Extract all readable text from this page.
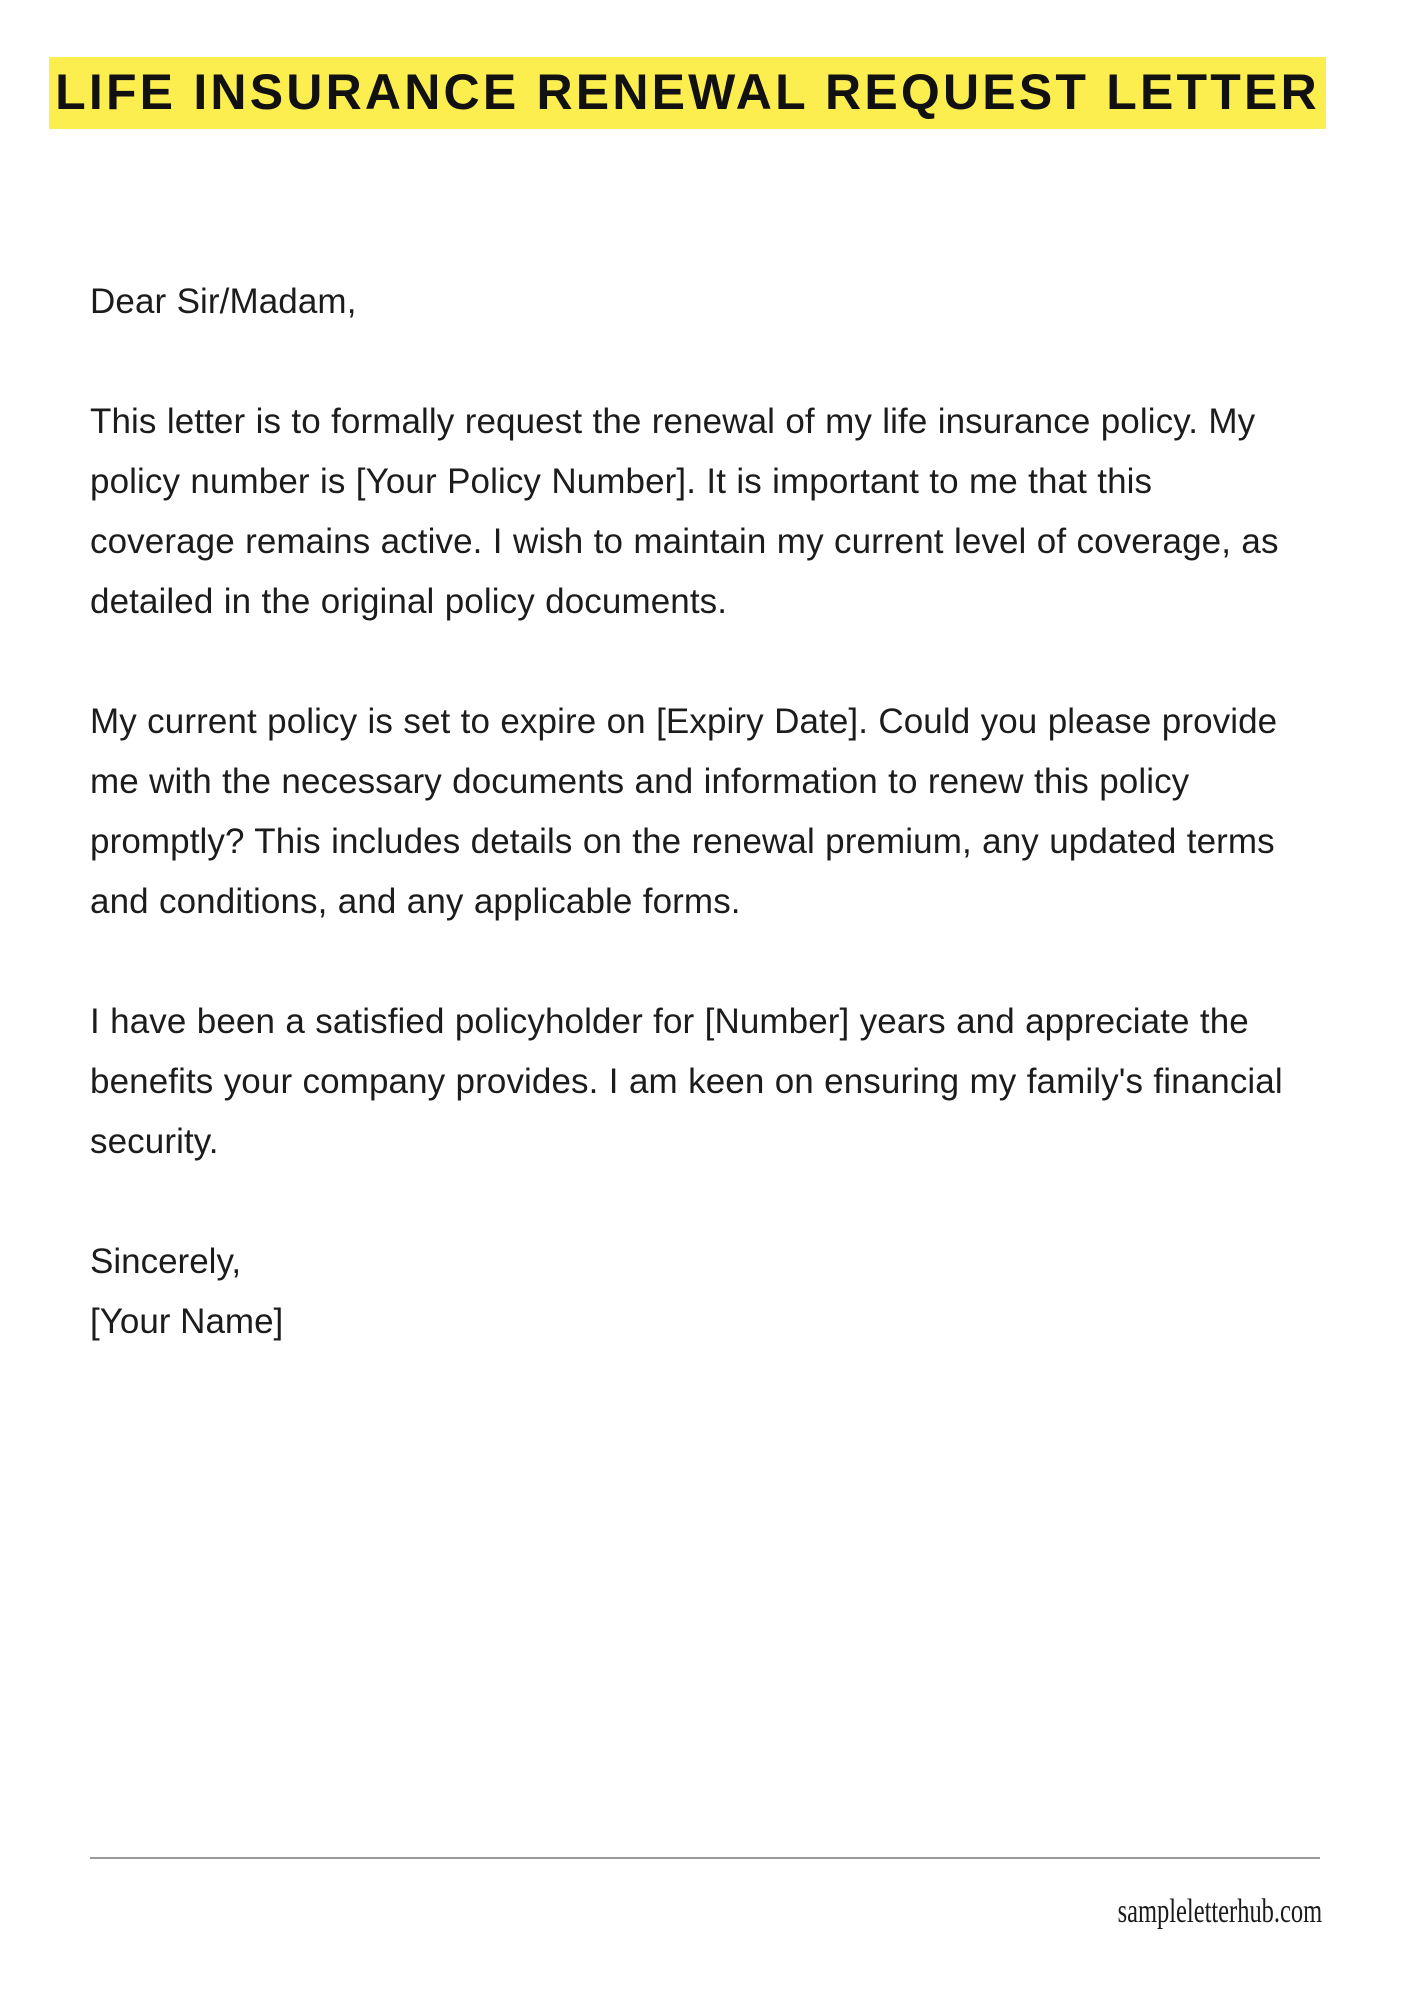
LIFE INSURANCE RENEWAL REQUEST LETTER

Dear Sir/Madam,

This letter is to formally request the renewal of my life insurance policy. My policy number is [Your Policy Number]. It is important to me that this coverage remains active. I wish to maintain my current level of coverage, as detailed in the original policy documents.

My current policy is set to expire on [Expiry Date]. Could you please provide me with the necessary documents and information to renew this policy promptly? This includes details on the renewal premium, any updated terms and conditions, and any applicable forms.

I have been a satisfied policyholder for [Number] years and appreciate the benefits your company provides. I am keen on ensuring my family's financial security.

Sincerely,

[Your Name]

sampleletterhub.com
